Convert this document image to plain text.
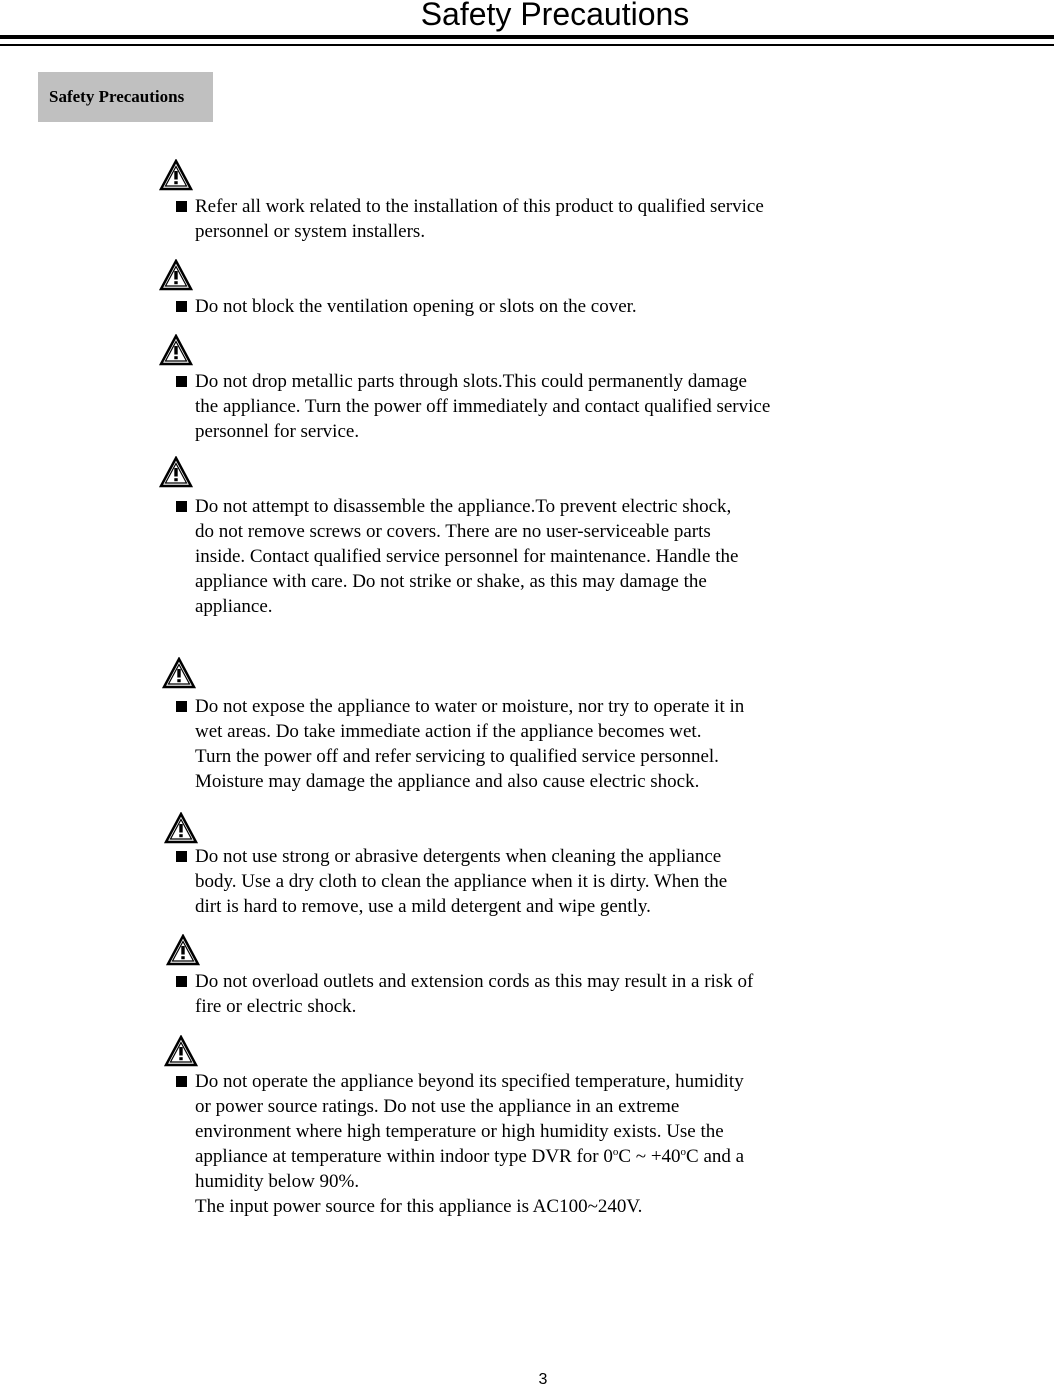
Safety Precautions
Safety Precautions
Refer all work related to the installation of this product to qualified service
personnel or system installers.
Do not block the ventilation opening or slots on the cover.
Do not drop metallic parts through slots.This could permanently damage
the appliance. Turn the power off immediately and contact qualified service
personnel for service.
Do not attempt to disassemble the appliance.To prevent electric shock,
do not remove screws or covers. There are no user-serviceable parts
inside. Contact qualified service personnel for maintenance. Handle the
appliance with care. Do not strike or shake, as this may damage the
appliance.
Do not expose the appliance to water or moisture, nor try to operate it in
wet areas. Do take immediate action if the appliance becomes wet.
Turn the power off and refer servicing to qualified service personnel.
Moisture may damage the appliance and also cause electric shock.
Do not use strong or abrasive detergents when cleaning the appliance
body. Use a dry cloth to clean the appliance when it is dirty. When the
dirt is hard to remove, use a mild detergent and wipe gently.
Do not overload outlets and extension cords as this may result in a risk of
fire or electric shock.
Do not operate the appliance beyond its specified temperature, humidity
or power source ratings. Do not use the appliance in an extreme
environment where high temperature or high humidity exists. Use the
appliance at temperature within indoor type DVR for 0$^o$C ~ $+40^oC$ and a
humidity below 90%.
The input power source for this appliance is AC100~240V.
3
